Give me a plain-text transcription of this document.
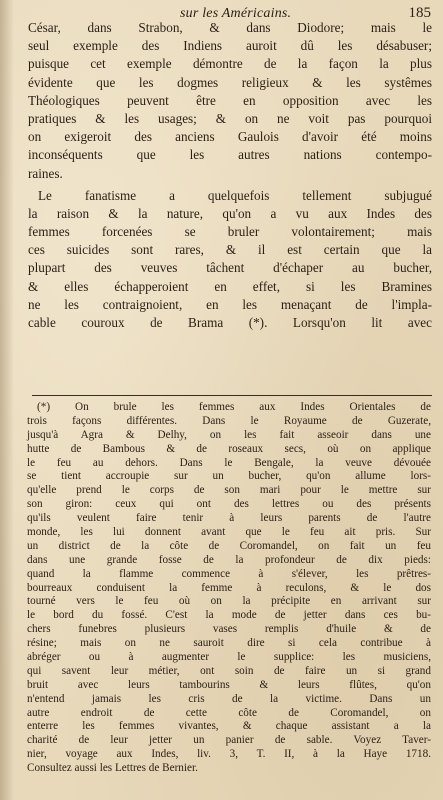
sur les Américains.	185
César, dans Strabon, & dans Diodore; mais le
seul exemple des Indiens auroit dû les désabuser;
puisque cet exemple démontre de la façon la plus
évidente que les dogmes religieux & les systêmes
Théologiques peuvent être en opposition avec les
pratiques & les usages; & on ne voit pas pourquoi
on exigeroit des anciens Gaulois d'avoir été moins
inconséquents que les autres nations contempo-
raines.
Le fanatisme a quelquefois tellement subjugué
la raison & la nature, qu'on a vu aux Indes des
femmes forcenées se bruler volontairement; mais
ces suicides sont rares, & il est certain que la
plupart des veuves tâchent d'échaper au bucher,
& elles échapperoient en effet, si les Bramines
ne les contraignoient, en les menaçant de l'impla-
cable couroux de Brama (*). Lorsqu'on lit avec
(*) On brule les femmes aux Indes Orientales de
trois façons différentes. Dans le Royaume de Guzerate,
jusqu'à Agra & Delhy, on les fait asseoir dans une
hutte de Bambous & de roseaux secs, où on applique
le feu au dehors. Dans le Bengale, la veuve dévouée
se tient accroupie sur un bucher, qu'on allume lors-
qu'elle prend le corps de son mari pour le mettre sur
son giron: ceux qui ont des lettres ou des présents
qu'ils veulent faire tenir à leurs parents de l'autre
monde, les lui donnent avant que le feu ait pris. Sur
un district de la côte de Coromandel, on fait un feu
dans une grande fosse de la profondeur de dix pieds:
quand la flamme commence à s'élever, les prêtres-
bourreaux conduisent la femme à reculons, & le dos
tourné vers le feu où on la précipite en arrivant sur
le bord du fossé. C'est la mode de jetter dans ces bu-
chers funebres plusieurs vases remplis d'huile & de
résine; mais on ne sauroit dire si cela contribue à
abréger ou à augmenter le supplice: les musiciens,
qui savent leur métier, ont soin de faire un si grand
bruit avec leurs tambourins & leurs flûtes, qu'on
n'entend jamais les cris de la victime. Dans un
autre endroit de cette côte de Coromandel, on
enterre les femmes vivantes, & chaque assistant a la
charité de leur jetter un panier de sable. Voyez Taver-
nier, voyage aux Indes, liv. 3, T. II, à la Haye 1718.
Consultez aussi les Lettres de Bernier.
